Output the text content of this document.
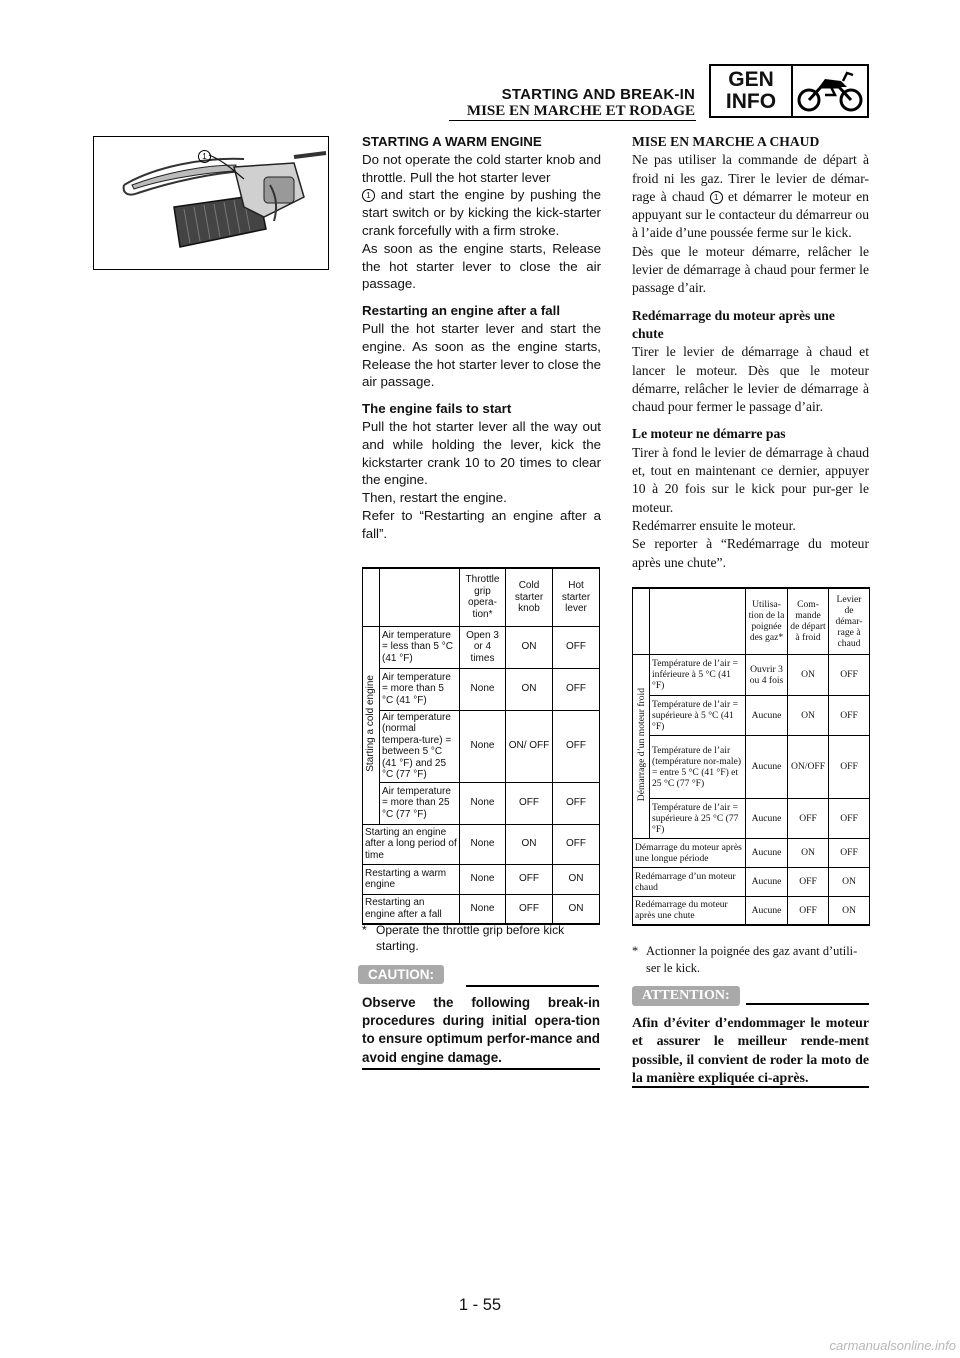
STARTING AND BREAK-IN
MISE EN MARCHE ET RODAGE
GEN
INFO
1

STARTING A WARM ENGINE

Do not operate the cold starter knob and throttle. Pull the hot starter lever
1 and start the engine by pushing the start switch or by kicking the kick-starter crank forcefully with a firm stroke.

As soon as the engine starts, Release the hot starter lever to close the air passage.

Restarting an engine after a fall

Pull the hot starter lever and start the engine. As soon as the engine starts, Release the hot starter lever to close the air passage.

The engine fails to start

Pull the hot starter lever all the way out and while holding the lever, kick the kickstarter crank 10 to 20 times to clear the engine.

Then, restart the engine.

Refer to “Restarting an engine after a fall”.

		Throttle grip opera-tion*	Cold starter knob	Hot starter lever
Starting a cold engine	Air temperature = less than 5 °C (41 °F)	Open 3 or 4 times	ON	OFF
	Air temperature = more than 5 °C (41 °F)	None	ON	OFF
	Air temperature (normal tempera-ture) = between 5 °C (41 °F) and 25 °C (77 °F)	None	ON/ OFF	OFF
	Air temperature = more than 25 °C (77 °F)	None	OFF	OFF
Starting an engine after a long period of time		None	ON	OFF
Restarting a warm engine		None	OFF	ON
Restarting an engine after a fall		None	OFF	ON
* Operate the throttle grip before kick starting.
CAUTION:
Observe the following break-in procedures during initial opera-tion to ensure optimum perfor-mance and avoid engine damage.

MISE EN MARCHE A CHAUD

Ne pas utiliser la commande de départ à froid ni les gaz. Tirer le levier de démar-rage à chaud 1 et démarrer le moteur en appuyant sur le contacteur du démarreur ou à l’aide d’une poussée ferme sur le kick.

Dès que le moteur démarre, relâcher le levier de démarrage à chaud pour fermer le passage d’air.

Redémarrage du moteur après une chute

Tirer le levier de démarrage à chaud et lancer le moteur. Dès que le moteur démarre, relâcher le levier de démarrage à chaud pour fermer le passage d’air.

Le moteur ne démarre pas

Tirer à fond le levier de démarrage à chaud et, tout en maintenant ce dernier, appuyer 10 à 20 fois sur le kick pour pur-ger le moteur.

Redémarrer ensuite le moteur.

Se reporter à “Redémarrage du moteur après une chute”.

		Utilisa-tion de la poignée des gaz*	Com-mande de départ à froid	Levier de démar-rage à chaud
Démarrage d’un moteur froid	Température de l’air = inférieure à 5 °C (41 °F)	Ouvrir 3 ou 4 fois	ON	OFF
	Température de l’air = supérieure à 5 °C (41 °F)	Aucune	ON	OFF
	Température de l’air (température nor-male) = entre 5 °C (41 °F) et 25 °C (77 °F)	Aucune	ON/OFF	OFF
	Température de l’air = supérieure à 25 °C (77 °F)	Aucune	OFF	OFF
Démarrage du moteur après une longue période		Aucune	ON	OFF
Redémarrage d’un moteur chaud		Aucune	OFF	ON
Redémarrage du moteur après une chute		Aucune	OFF	ON
* Actionner la poignée des gaz avant d’utili-ser le kick.
ATTENTION:
Afin d’éviter d’endommager le moteur et assurer le meilleur rende-ment possible, il convient de roder la moto de la manière expliquée ci-après.
1 - 55
carmanualsonline.info
